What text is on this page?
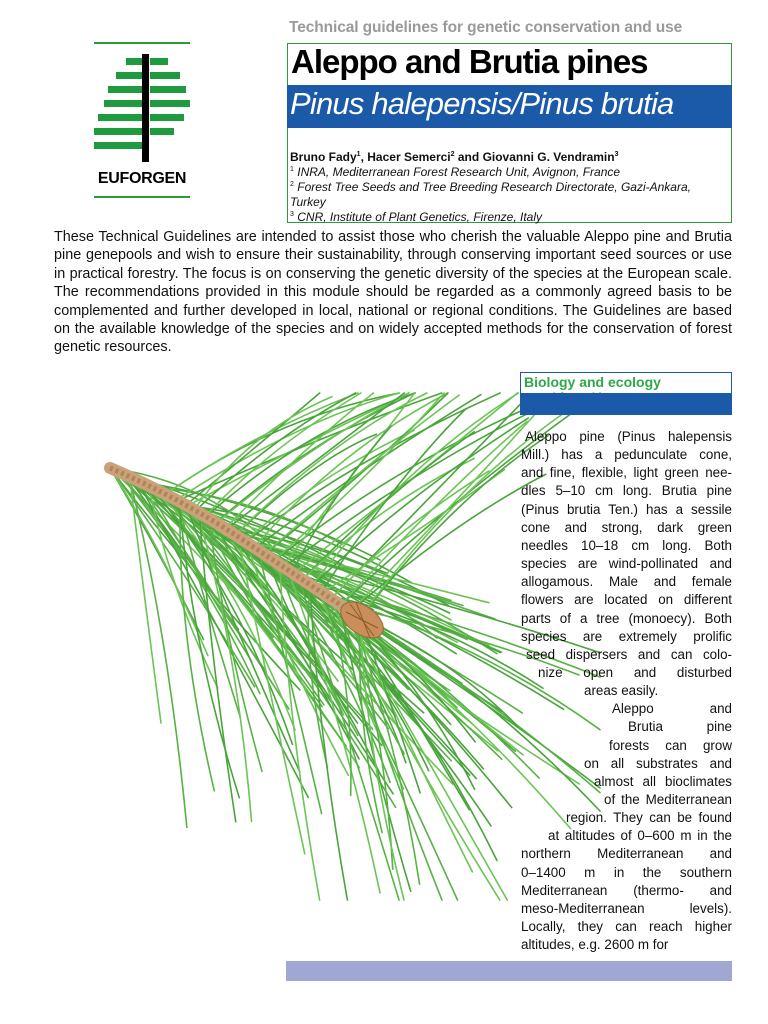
EUFORGEN
Technical guidelines for genetic conservation and use
Aleppo and Brutia pines
Pinus halepensis/Pinus brutia
Bruno Fady$^1$, Hacer Semerci$^2$ and Giovanni G. Vendramin$^3$
$^1$ INRA, Mediterranean Forest Research Unit, Avignon, France
$^2$ Forest Tree Seeds and Tree Breeding Research Directorate, Gazi-Ankara, Turkey
$^3$ CNR, Institute of Plant Genetics, Firenze, Italy
These Technical Guidelines are intended to assist those who cherish the valuable Aleppo pine and Brutia pine genepools and wish to ensure their sustainability, through conserving important seed sources or use in practical forestry. The focus is on conserving the genetic diversity of the species at the European scale. The recommendations provided in this module should be regarded as a commonly agreed basis to be complemented and further developed in local, national or regional conditions. The Guidelines are based on the available knowledge of the species and on widely accepted methods for the conservation of forest genetic resources.
Biology and ecology
Aleppo pine (Pinus halepensis
Mill.) has a pedunculate cone,
and fine, flexible, light green nee-
dles 5–10 cm long. Brutia pine
(Pinus brutia Ten.) has a sessile
cone and strong, dark green
needles 10–18 cm long. Both
species are wind-pollinated and
allogamous. Male and female
flowers are located on different
parts of a tree (monoecy). Both
species are extremely prolific
seed dispersers and can colo-
nize open and disturbed
areas easily.
Aleppo and
Brutia pine
forests can grow
on all substrates and
almost all bioclimates
of the Mediterranean
region. They can be found
at altitudes of 0–600 m in the
northern Mediterranean and
0–1400 m in the southern
Mediterranean (thermo- and
meso-Mediterranean levels).
Locally, they can reach higher
altitudes, e.g. 2600 m for
